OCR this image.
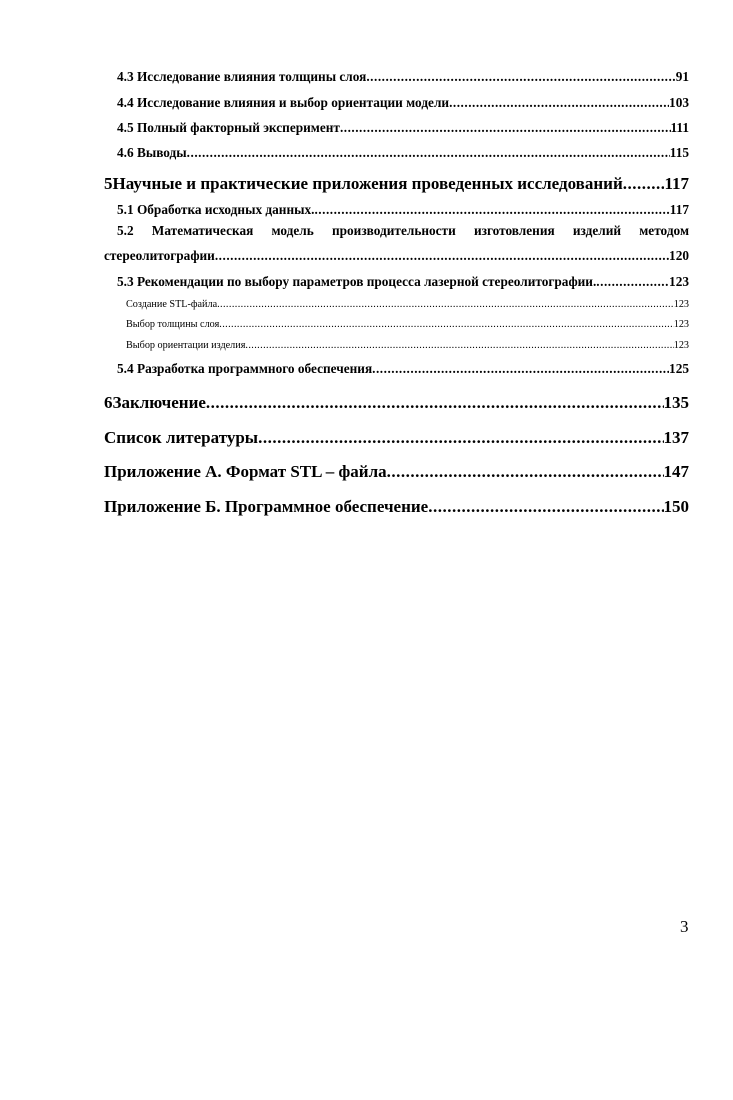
4.3 Исследование влияния толщины слоя .....	91
4.4 Исследование влияния и выбор ориентации модели .....	103
4.5 Полный факторный эксперимент .....	111
4.6 Выводы .....	115
5 Научные и практические приложения проведенных исследований ..... 117
5.1 Обработка исходных данных. .....	117
5.2 Математическая модель производительности изготовления изделий методом
стереолитографии .....	120
5.3 Рекомендации по выбору параметров процесса лазерной стереолитографии. .....	123
Создание STL-файла .....	123
Выбор толщины слоя .....	123
Выбор ориентации изделия .....	123
5.4 Разработка программного обеспечения .....	125
6 Заключение .....	135
Список литературы .....	137
Приложение А. Формат STL – файла .....	147
Приложение Б. Программное обеспечение .....	150
3
